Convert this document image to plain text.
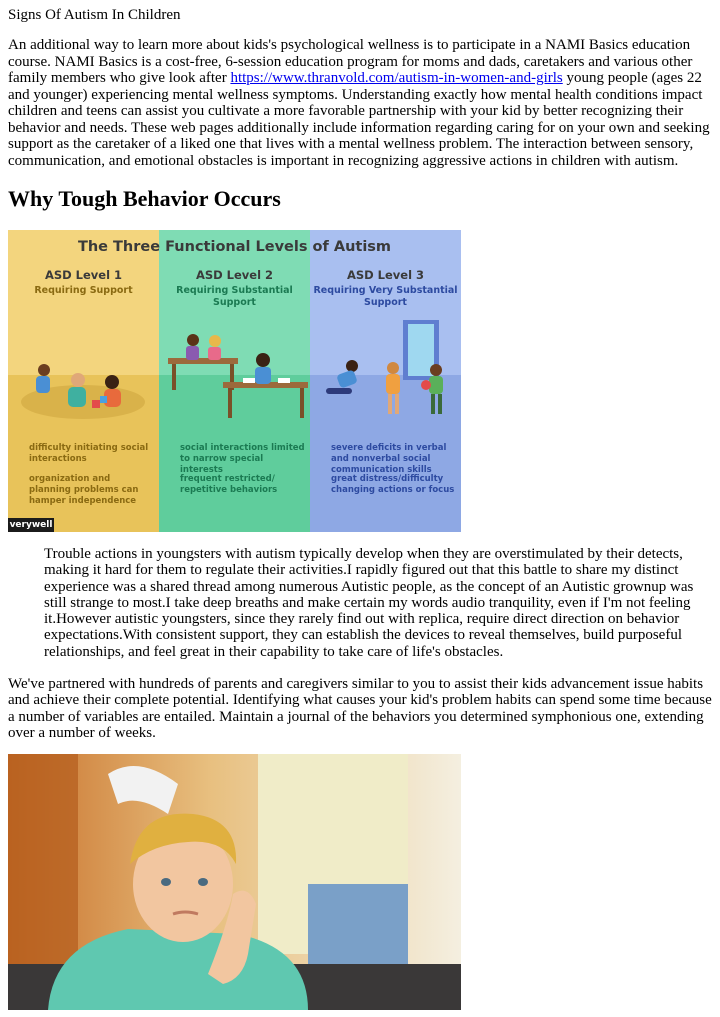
Signs Of Autism In Children

An additional way to learn more about kids's psychological wellness is to participate in a NAMI Basics education course. NAMI Basics is a cost-free, 6-session education program for moms and dads, caretakers and various other family members who give look after https://www.thranvold.com/autism-in-women-and-girls young people (ages 22 and younger) experiencing mental wellness symptoms. Understanding exactly how mental health conditions impact children and teens can assist you cultivate a more favorable partnership with your kid by better recognizing their behavior and needs. These web pages additionally include information regarding caring for on your own and seeking support as the caretaker of a liked one that lives with a mental wellness problem. The interaction between sensory, communication, and emotional obstacles is important in recognizing aggressive actions in children with autism.

Why Tough Behavior Occurs
ASD Level 1
Requiring Support
difficulty initiating social interactions
organization and planning problems can hamper independence
ASD Level 2
Requiring Substantial Support
social interactions limited to narrow special interests
frequent restricted/ repetitive behaviors
ASD Level 3
Requiring Very Substantial Support
severe deficits in verbal and nonverbal social communication skills
great distress/difficulty changing actions or focus
The Three Functional Levels of Autism
verywell

Trouble actions in youngsters with autism typically develop when they are overstimulated by their detects, making it hard for them to regulate their activities.I rapidly figured out that this battle to share my distinct experience was a shared thread among numerous Autistic people, as the concept of an Autistic grownup was still strange to most.I take deep breaths and make certain my words audio tranquility, even if I'm not feeling it.However autistic youngsters, since they rarely find out with replica, require direct direction on behavior expectations.With consistent support, they can establish the devices to reveal themselves, build purposeful relationships, and feel great in their capability to take care of life's obstacles.

We've partnered with hundreds of parents and caregivers similar to you to assist their kids advancement issue habits and achieve their complete potential. Identifying what causes your kid's problem habits can spend some time because a number of variables are entailed. Maintain a journal of the behaviors you determined symphonious one, extending over a number of weeks.
